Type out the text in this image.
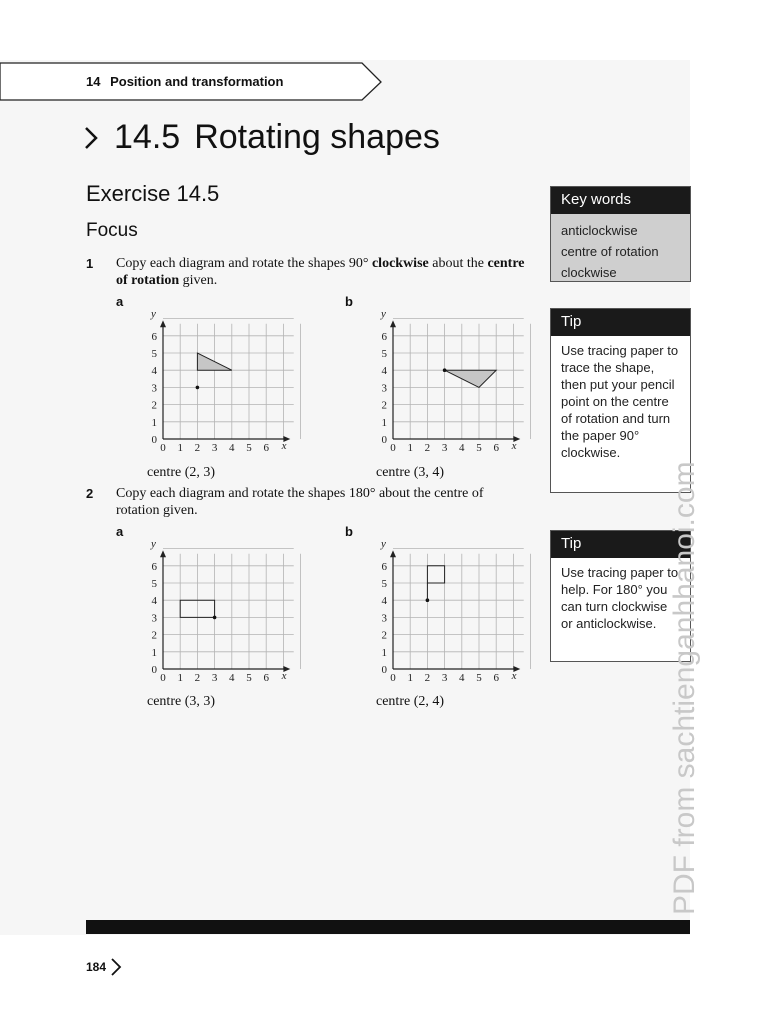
14 Position and transformation
14.5 Rotating shapes
Exercise 14.5
Focus
1 Copy each diagram and rotate the shapes 90° clockwise about the centre of rotation given.
a	b
0 1 2 3 4 5 6
0
1
2
3
4
5
6
x
y
0 1 2 3 4 5 6
0
1
2
3
4
5
6
x
y
centre (2, 3)	centre (3, 4)
2 Copy each diagram and rotate the shapes 180° about the centre of rotation given.
a	b
0 1 2 3 4 5 6
0
1
2
3
4
5
6
x
y
0 1 2 3 4 5 6
0
1
2
3
4
5
6
x
y
centre (3, 3)	centre (2, 4)
Key words
anticlockwise
centre of rotation
clockwise
Tip
Use tracing paper to trace the shape, then put your pencil point on the centre of rotation and turn the paper 90° clockwise.
Tip
Use tracing paper to help. For 180° you can turn clockwise or anticlockwise. PDF from sachtienganhhanoi.com
184
